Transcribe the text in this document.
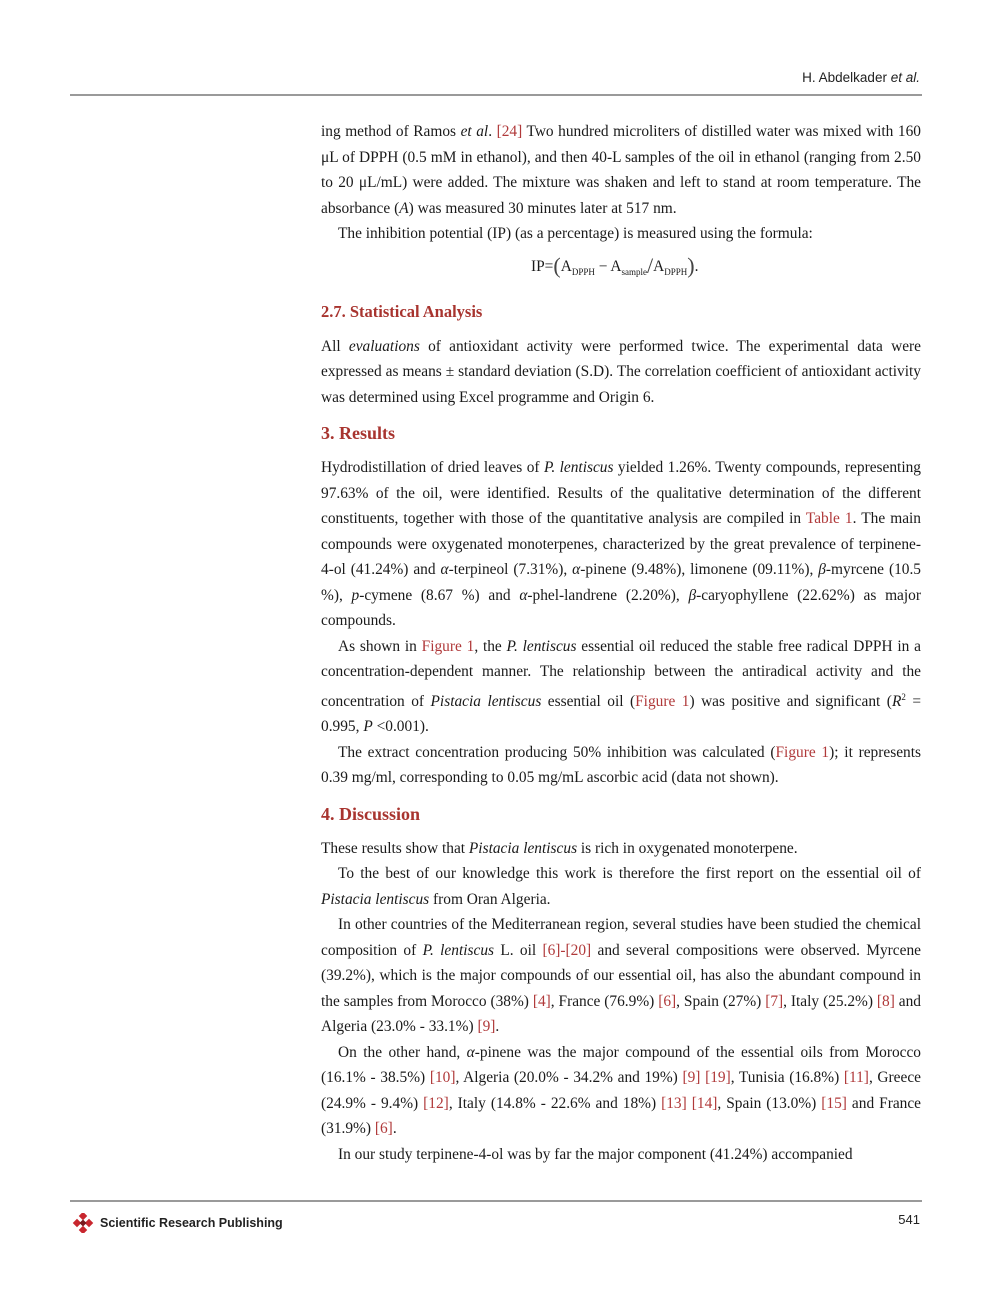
H. Abdelkader et al.

ing method of Ramos et al. [24] Two hundred microliters of distilled water was mixed with 160 μL of DPPH (0.5 mM in ethanol), and then 40-L samples of the oil in ethanol (ranging from 2.50 to 20 μL/mL) were added. The mixture was shaken and left to stand at room temperature. The absorbance (A) was measured 30 minutes later at 517 nm.

The inhibition potential (IP) (as a percentage) is measured using the formula:

$IP=(A_{DPPH} - A_{sample}/A_{DPPH})$.
2.7. Statistical Analysis

All evaluations of antioxidant activity were performed twice. The experimental data were expressed as means ± standard deviation (S.D). The correlation coefficient of antioxidant activity was determined using Excel programme and Origin 6.

3. Results

Hydrodistillation of dried leaves of P. lentiscus yielded 1.26%. Twenty compounds, representing 97.63% of the oil, were identified. Results of the qualitative determination of the different constituents, together with those of the quantitative analysis are compiled in Table 1. The main compounds were oxygenated monoterpenes, characterized by the great prevalence of terpinene-4-ol (41.24%) and α-terpineol (7.31%), α-pinene (9.48%), limonene (09.11%), β-myrcene (10.5 %), p-cymene (8.67 %) and α-phel-landrene (2.20%), β-caryophyllene (22.62%) as major compounds.

As shown in Figure 1, the P. lentiscus essential oil reduced the stable free radical DPPH in a concentration-dependent manner. The relationship between the antiradical activity and the concentration of Pistacia lentiscus essential oil (Figure 1) was positive and significant ($R^2 = 0.995$, P <0.001).

The extract concentration producing 50% inhibition was calculated (Figure 1); it represents 0.39 mg/ml, corresponding to 0.05 mg/mL ascorbic acid (data not shown).

4. Discussion

These results show that Pistacia lentiscus is rich in oxygenated monoterpene.

To the best of our knowledge this work is therefore the first report on the essential oil of Pistacia lentiscus from Oran Algeria.

In other countries of the Mediterranean region, several studies have been studied the chemical composition of P. lentiscus L. oil [6]-[20] and several compositions were observed. Myrcene (39.2%), which is the major compounds of our essential oil, has also the abundant compound in the samples from Morocco (38%) [4], France (76.9%) [6], Spain (27%) [7], Italy (25.2%) [8] and Algeria (23.0% - 33.1%) [9].

On the other hand, α-pinene was the major compound of the essential oils from Morocco (16.1% - 38.5%) [10], Algeria (20.0% - 34.2% and 19%) [9] [19], Tunisia (16.8%) [11], Greece (24.9% - 9.4%) [12], Italy (14.8% - 22.6% and 18%) [13] [14], Spain (13.0%) [15] and France (31.9%) [6].

In our study terpinene-4-ol was by far the major component (41.24%) accompanied

Scientific Research Publishing	541
